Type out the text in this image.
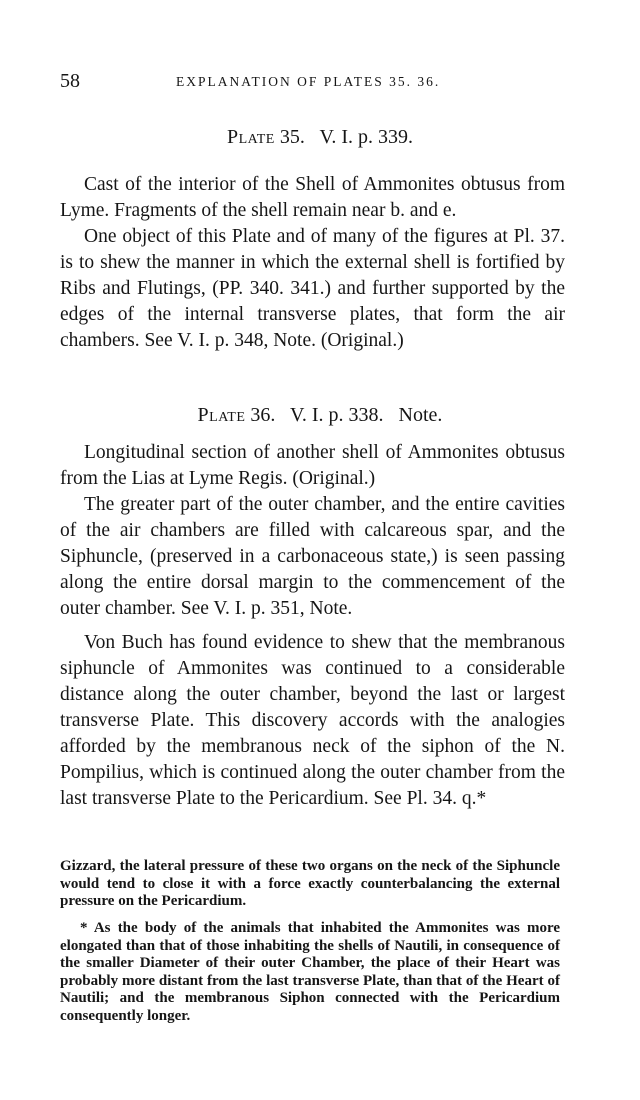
58	EXPLANATION OF PLATES 35. 36.
Plate 35.   V. I. p. 339.

Cast of the interior of the Shell of Ammonites obtusus from Lyme. Fragments of the shell remain near b. and e.

One object of this Plate and of many of the figures at Pl. 37. is to shew the manner in which the external shell is fortified by Ribs and Flutings, (PP. 340. 341.) and further supported by the edges of the internal transverse plates, that form the air chambers. See V. I. p. 348, Note. (Original.)

Plate 36.   V. I. p. 338.   Note.

Longitudinal section of another shell of Ammonites obtusus from the Lias at Lyme Regis. (Original.)

The greater part of the outer chamber, and the entire cavities of the air chambers are filled with calcareous spar, and the Siphuncle, (preserved in a carbonaceous state,) is seen passing along the entire dorsal margin to the commencement of the outer chamber. See V. I. p. 351, Note.

Von Buch has found evidence to shew that the membranous siphuncle of Ammonites was continued to a considerable distance along the outer chamber, beyond the last or largest transverse Plate. This discovery accords with the analogies afforded by the membranous neck of the siphon of the N. Pompilius, which is continued along the outer chamber from the last transverse Plate to the Pericardium. See Pl. 34. q.*

Gizzard, the lateral pressure of these two organs on the neck of the Siphuncle would tend to close it with a force exactly counterbalancing the external pressure on the Pericardium.

* As the body of the animals that inhabited the Ammonites was more elongated than that of those inhabiting the shells of Nautili, in consequence of the smaller Diameter of their outer Chamber, the place of their Heart was probably more distant from the last transverse Plate, than that of the Heart of Nautili; and the membranous Siphon connected with the Pericardium consequently longer.
